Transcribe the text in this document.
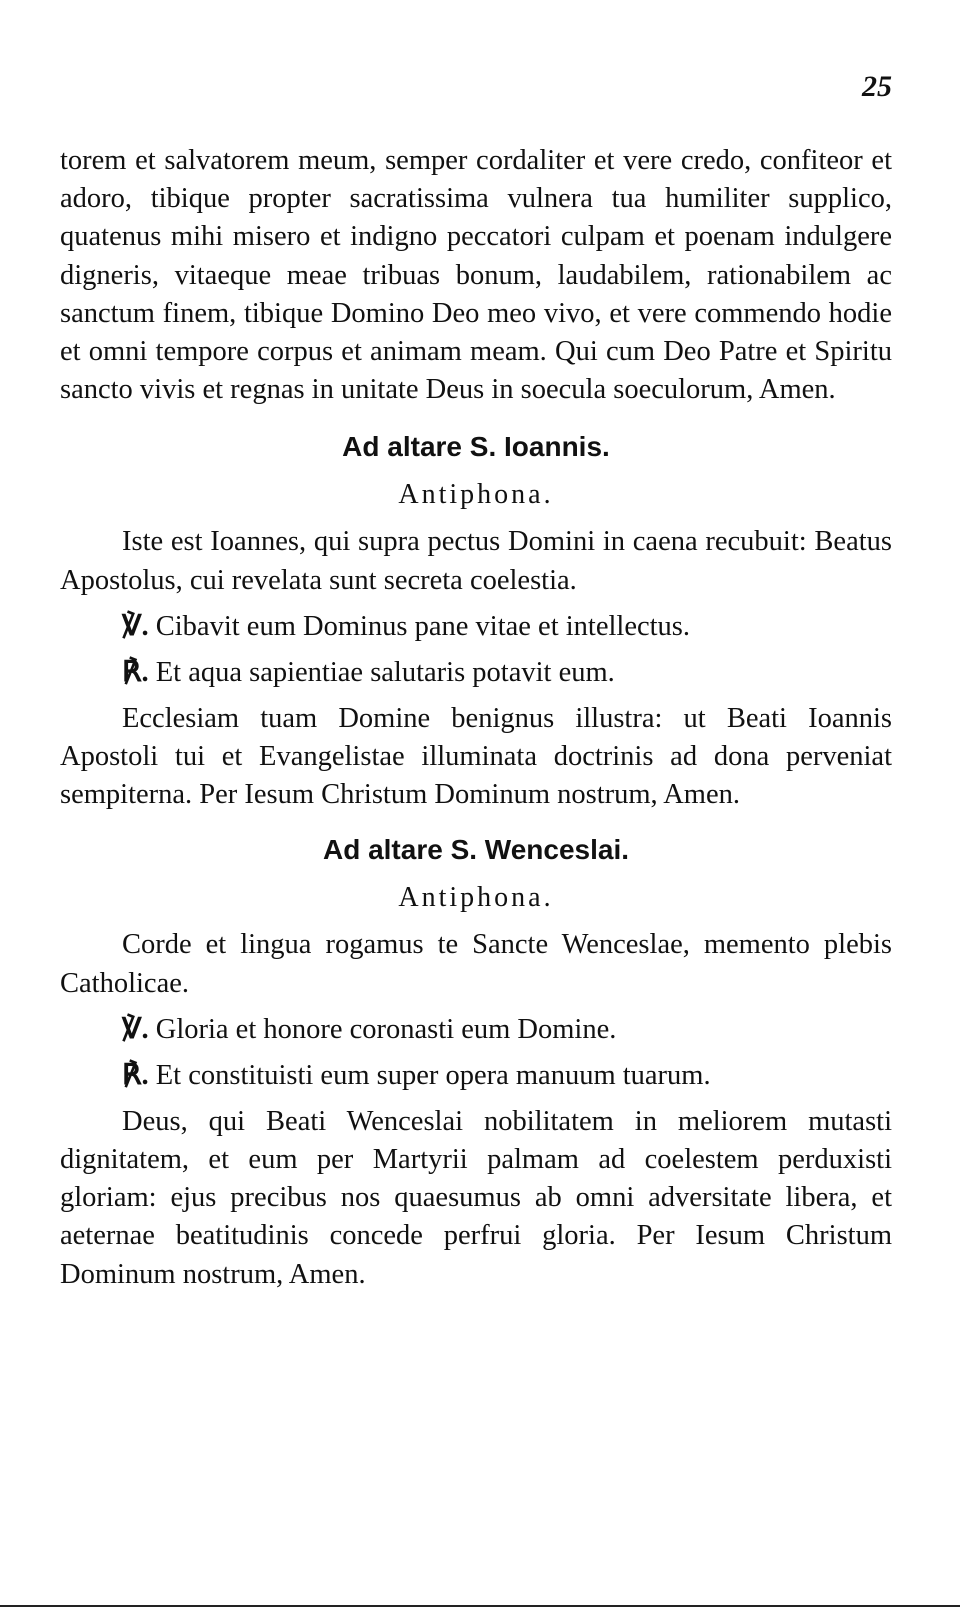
25

torem et salvatorem meum, semper cordaliter et vere credo, confiteor et adoro, tibique propter sacratissima vulnera tua humiliter supplico, quatenus mihi misero et indigno peccatori culpam et poenam indulgere digneris, vitaeque meae tribuas bonum, laudabilem, rationabilem ac sanctum finem, tibique Domino Deo meo vivo, et vere commendo hodie et omni tempore corpus et animam meam. Qui cum Deo Patre et Spiritu sancto vivis et regnas in unitate Deus in soecula soeculorum, Amen.

Ad altare S. Ioannis.
Antiphona.

Iste est Ioannes, qui supra pectus Domini in caena recubuit: Beatus Apostolus, cui revelata sunt secreta coelestia.

℣. Cibavit eum Dominus pane vitae et intellectus.

℟. Et aqua sapientiae salutaris potavit eum.

Ecclesiam tuam Domine benignus illustra: ut Beati Ioannis Apostoli tui et Evangelistae illuminata doctrinis ad dona perveniat sempiterna. Per Iesum Christum Dominum nostrum, Amen.

Ad altare S. Wenceslai.
Antiphona.

Corde et lingua rogamus te Sancte Wenceslae, memento plebis Catholicae.

℣. Gloria et honore coronasti eum Domine.

℟. Et constituisti eum super opera manuum tuarum.

Deus, qui Beati Wenceslai nobilitatem in meliorem mutasti dignitatem, et eum per Martyrii palmam ad coelestem perduxisti gloriam: ejus precibus nos quaesumus ab omni adversitate libera, et aeternae beatitudinis concede perfrui gloria. Per Iesum Christum Dominum nostrum, Amen.
